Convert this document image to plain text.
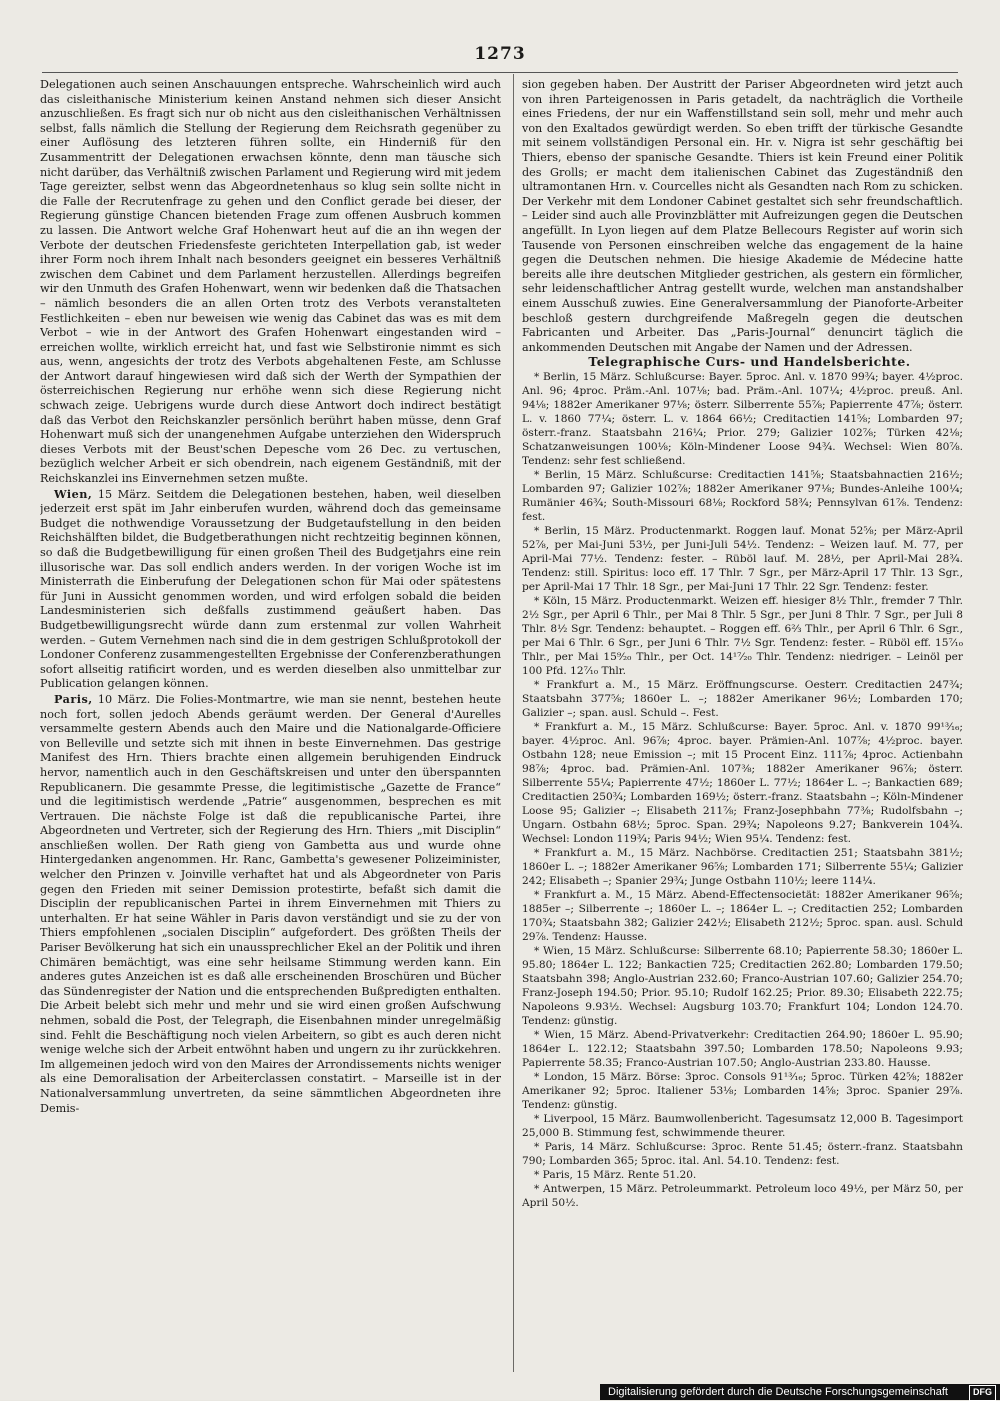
1273

Delegationen auch seinen Anschauungen entspreche. Wahrscheinlich wird auch das cisleithanische Ministerium keinen Anstand nehmen sich dieser Ansicht anzuschließen. Es fragt sich nur ob nicht aus den cisleithanischen Verhältnissen selbst, falls nämlich die Stellung der Regierung dem Reichsrath gegenüber zu einer Auflösung des letzteren führen sollte, ein Hinderniß für den Zusammentritt der Delegationen erwachsen könnte, denn man täusche sich nicht darüber, das Verhältniß zwischen Parlament und Regierung wird mit jedem Tage gereizter, selbst wenn das Abgeordnetenhaus so klug sein sollte nicht in die Falle der Recrutenfrage zu gehen und den Conflict gerade bei dieser, der Regierung günstige Chancen bietenden Frage zum offenen Ausbruch kommen zu lassen. Die Antwort welche Graf Hohenwart heut auf die an ihn wegen der Verbote der deutschen Friedensfeste gerichteten Interpellation gab, ist weder ihrer Form noch ihrem Inhalt nach besonders geeignet ein besseres Verhältniß zwischen dem Cabinet und dem Parlament herzustellen. Allerdings begreifen wir den Unmuth des Grafen Hohenwart, wenn wir bedenken daß die Thatsachen – nämlich besonders die an allen Orten trotz des Verbots veranstalteten Festlichkeiten – eben nur beweisen wie wenig das Cabinet das was es mit dem Verbot – wie in der Antwort des Grafen Hohenwart eingestanden wird – erreichen wollte, wirklich erreicht hat, und fast wie Selbstironie nimmt es sich aus, wenn, angesichts der trotz des Verbots abgehaltenen Feste, am Schlusse der Antwort darauf hingewiesen wird daß sich der Werth der Sympathien der österreichischen Regierung nur erhöhe wenn sich diese Regierung nicht schwach zeige. Uebrigens wurde durch diese Antwort doch indirect bestätigt daß das Verbot den Reichskanzler persönlich berührt haben müsse, denn Graf Hohenwart muß sich der unangenehmen Aufgabe unterziehen den Widerspruch dieses Verbots mit der Beust'schen Depesche vom 26 Dec. zu vertuschen, bezüglich welcher Arbeit er sich obendrein, nach eigenem Geständniß, mit der Reichskanzlei ins Einvernehmen setzen mußte.

Wien, 15 März. Seitdem die Delegationen bestehen, haben, weil dieselben jederzeit erst spät im Jahr einberufen wurden, während doch das gemeinsame Budget die nothwendige Voraussetzung der Budgetaufstellung in den beiden Reichshälften bildet, die Budgetberathungen nicht rechtzeitig beginnen können, so daß die Budgetbewilligung für einen großen Theil des Budgetjahrs eine rein illusorische war. Das soll endlich anders werden. In der vorigen Woche ist im Ministerrath die Einberufung der Delegationen schon für Mai oder spätestens für Juni in Aussicht genommen worden, und wird erfolgen sobald die beiden Landesministerien sich deßfalls zustimmend geäußert haben. Das Budgetbewilligungsrecht würde dann zum erstenmal zur vollen Wahrheit werden. – Gutem Vernehmen nach sind die in dem gestrigen Schlußprotokoll der Londoner Conferenz zusammengestellten Ergebnisse der Conferenzberathungen sofort allseitig ratificirt worden, und es werden dieselben also unmittelbar zur Publication gelangen können.

Paris, 10 März. Die Folies-Montmartre, wie man sie nennt, bestehen heute noch fort, sollen jedoch Abends geräumt werden. Der General d'Aurelles versammelte gestern Abends auch den Maire und die Nationalgarde-Officiere von Belleville und setzte sich mit ihnen in beste Einvernehmen. Das gestrige Manifest des Hrn. Thiers brachte einen allgemein beruhigenden Eindruck hervor, namentlich auch in den Geschäftskreisen und unter den überspannten Republicanern. Die gesammte Presse, die legitimistische „Gazette de France“ und die legitimistisch werdende „Patrie“ ausgenommen, besprechen es mit Vertrauen. Die nächste Folge ist daß die republicanische Partei, ihre Abgeordneten und Vertreter, sich der Regierung des Hrn. Thiers „mit Disciplin“ anschließen wollen. Der Rath gieng von Gambetta aus und wurde ohne Hintergedanken angenommen. Hr. Ranc, Gambetta's gewesener Polizeiminister, welcher den Prinzen v. Joinville verhaftet hat und als Abgeordneter von Paris gegen den Frieden mit seiner Demission protestirte, befaßt sich damit die Disciplin der republicanischen Partei in ihrem Einvernehmen mit Thiers zu unterhalten. Er hat seine Wähler in Paris davon verständigt und sie zu der von Thiers empfohlenen „socialen Disciplin“ aufgefordert. Des größten Theils der Pariser Bevölkerung hat sich ein unaussprechlicher Ekel an der Politik und ihren Chimären bemächtigt, was eine sehr heilsame Stimmung werden kann. Ein anderes gutes Anzeichen ist es daß alle erscheinenden Broschüren und Bücher das Sündenregister der Nation und die entsprechenden Bußpredigten enthalten. Die Arbeit belebt sich mehr und mehr und sie wird einen großen Aufschwung nehmen, sobald die Post, der Telegraph, die Eisenbahnen minder unregelmäßig sind. Fehlt die Beschäftigung noch vielen Arbeitern, so gibt es auch deren nicht wenige welche sich der Arbeit entwöhnt haben und ungern zu ihr zurückkehren. Im allgemeinen jedoch wird von den Maires der Arrondissements nichts weniger als eine Demoralisation der Arbeiterclassen constatirt. – Marseille ist in der Nationalversammlung unvertreten, da seine sämmtlichen Abgeordneten ihre Demis-

sion gegeben haben. Der Austritt der Pariser Abgeordneten wird jetzt auch von ihren Parteigenossen in Paris getadelt, da nachträglich die Vortheile eines Friedens, der nur ein Waffenstillstand sein soll, mehr und mehr auch von den Exaltados gewürdigt werden. So eben trifft der türkische Gesandte mit seinem vollständigen Personal ein. Hr. v. Nigra ist sehr geschäftig bei Thiers, ebenso der spanische Gesandte. Thiers ist kein Freund einer Politik des Grolls; er macht dem italienischen Cabinet das Zugeständniß den ultramontanen Hrn. v. Courcelles nicht als Gesandten nach Rom zu schicken. Der Verkehr mit dem Londoner Cabinet gestaltet sich sehr freundschaftlich. – Leider sind auch alle Provinzblätter mit Aufreizungen gegen die Deutschen angefüllt. In Lyon liegen auf dem Platze Bellecours Register auf worin sich Tausende von Personen einschreiben welche das engagement de la haine gegen die Deutschen nehmen. Die hiesige Akademie de Médecine hatte bereits alle ihre deutschen Mitglieder gestrichen, als gestern ein förmlicher, sehr leidenschaftlicher Antrag gestellt wurde, welchen man anstandshalber einem Ausschuß zuwies. Eine Generalversammlung der Pianoforte-Arbeiter beschloß gestern durchgreifende Maßregeln gegen die deutschen Fabricanten und Arbeiter. Das „Paris-Journal“ denuncirt täglich die ankommenden Deutschen mit Angabe der Namen und der Adressen.

Telegraphische Curs- und Handelsberichte.

* Berlin, 15 März. Schlußcurse: Bayer. 5proc. Anl. v. 1870 99¾; bayer. 4½proc. Anl. 96; 4proc. Präm.-Anl. 107⅛; bad. Präm.-Anl. 107¼; 4½proc. preuß. Anl. 94⅛; 1882er Amerikaner 97⅛; österr. Silberrente 55⅞; Papierrente 47⅞; österr. L. v. 1860 77¼; österr. L. v. 1864 66½; Creditactien 141⅝; Lombarden 97; österr.-franz. Staatsbahn 216¼; Prior. 279; Galizier 102⅞; Türken 42⅛; Schatzanweisungen 100⅛; Köln-Mindener Loose 94¾. Wechsel: Wien 80⅞. Tendenz: sehr fest schließend.

* Berlin, 15 März. Schlußcurse: Creditactien 141⅝; Staatsbahnactien 216½; Lombarden 97; Galizier 102⅞; 1882er Amerikaner 97⅛; Bundes-Anleihe 100¼; Rumänier 46¾; South-Missouri 68⅛; Rockford 58¾; Pennsylvan 61⅞. Tendenz: fest.

* Berlin, 15 März. Productenmarkt. Roggen lauf. Monat 52⅝; per März-April 52⅞, per Mai-Juni 53½, per Juni-Juli 54½. Tendenz: – Weizen lauf. M. 77, per April-Mai 77½. Tendenz: fester. – Rüböl lauf. M. 28½, per April-Mai 28¾. Tendenz: still. Spiritus: loco eff. 17 Thlr. 7 Sgr., per März-April 17 Thlr. 13 Sgr., per April-Mai 17 Thlr. 18 Sgr., per Mai-Juni 17 Thlr. 22 Sgr. Tendenz: fester.

* Köln, 15 März. Productenmarkt. Weizen eff. hiesiger 8½ Thlr., fremder 7 Thlr. 2½ Sgr., per April 6 Thlr., per Mai 8 Thlr. 5 Sgr., per Juni 8 Thlr. 7 Sgr., per Juli 8 Thlr. 8½ Sgr. Tendenz: behauptet. – Roggen eff. 6⅔ Thlr., per April 6 Thlr. 6 Sgr., per Mai 6 Thlr. 6 Sgr., per Juni 6 Thlr. 7½ Sgr. Tendenz: fester. – Rüböl eff. 15⁷⁄₁₀ Thlr., per Mai 15⁹⁄₂₀ Thlr., per Oct. 14¹⁷⁄₂₀ Thlr. Tendenz: niedriger. – Leinöl per 100 Pfd. 12⁷⁄₁₀ Thlr.

* Frankfurt a. M., 15 März. Eröffnungscurse. Oesterr. Creditactien 247¾; Staatsbahn 377⅝; 1860er L. –; 1882er Amerikaner 96½; Lombarden 170; Galizier –; span. ausl. Schuld –. Fest.

* Frankfurt a. M., 15 März. Schlußcurse: Bayer. 5proc. Anl. v. 1870 99¹³⁄₁₆; bayer. 4½proc. Anl. 96⅞; 4proc. bayer. Prämien-Anl. 107⅞; 4½proc. bayer. Ostbahn 128; neue Emission –; mit 15 Procent Einz. 111⅞; 4proc. Actienbahn 98⅞; 4proc. bad. Prämien-Anl. 107⅜; 1882er Amerikaner 96⅞; österr. Silberrente 55¼; Papierrente 47½; 1860er L. 77½; 1864er L. –; Bankactien 689; Creditactien 250¾; Lombarden 169½; österr.-franz. Staatsbahn –; Köln-Mindener Loose 95; Galizier –; Elisabeth 211⅞; Franz-Josephbahn 77⅜; Rudolfsbahn –; Ungarn. Ostbahn 68½; 5proc. Span. 29¾; Napoleons 9.27; Bankverein 104¾. Wechsel: London 119¾; Paris 94½; Wien 95¼. Tendenz: fest.

* Frankfurt a. M., 15 März. Nachbörse. Creditactien 251; Staatsbahn 381½; 1860er L. –; 1882er Amerikaner 96⅝; Lombarden 171; Silberrente 55¼; Galizier 242; Elisabeth –; Spanier 29¾; Junge Ostbahn 110½; leere 114¼.

* Frankfurt a. M., 15 März. Abend-Effectensocietät: 1882er Amerikaner 96⅝; 1885er –; Silberrente –; 1860er L. –; 1864er L. –; Creditactien 252; Lombarden 170¾; Staatsbahn 382; Galizier 242½; Elisabeth 212½; 5proc. span. ausl. Schuld 29⅞. Tendenz: Hausse.

* Wien, 15 März. Schlußcurse: Silberrente 68.10; Papierrente 58.30; 1860er L. 95.80; 1864er L. 122; Bankactien 725; Creditactien 262.80; Lombarden 179.50; Staatsbahn 398; Anglo-Austrian 232.60; Franco-Austrian 107.60; Galizier 254.70; Franz-Joseph 194.50; Prior. 95.10; Rudolf 162.25; Prior. 89.30; Elisabeth 222.75; Napoleons 9.93½. Wechsel: Augsburg 103.70; Frankfurt 104; London 124.70. Tendenz: günstig.

* Wien, 15 März. Abend-Privatverkehr: Creditactien 264.90; 1860er L. 95.90; 1864er L. 122.12; Staatsbahn 397.50; Lombarden 178.50; Napoleons 9.93; Papierrente 58.35; Franco-Austrian 107.50; Anglo-Austrian 233.80. Hausse.

* London, 15 März. Börse: 3proc. Consols 91¹³⁄₁₆; 5proc. Türken 42⅝; 1882er Amerikaner 92; 5proc. Italiener 53⅛; Lombarden 14⅝; 3proc. Spanier 29⅞. Tendenz: günstig.

* Liverpool, 15 März. Baumwollenbericht. Tagesumsatz 12,000 B. Tagesimport 25,000 B. Stimmung fest, schwimmende theurer.

* Paris, 14 März. Schlußcurse: 3proc. Rente 51.45; österr.-franz. Staatsbahn 790; Lombarden 365; 5proc. ital. Anl. 54.10. Tendenz: fest.

* Paris, 15 März. Rente 51.20.

* Antwerpen, 15 März. Petroleummarkt. Petroleum loco 49½, per März 50, per April 50½.

Digitalisierung gefördert durch die Deutsche Forschungsgemeinschaft	DFG
